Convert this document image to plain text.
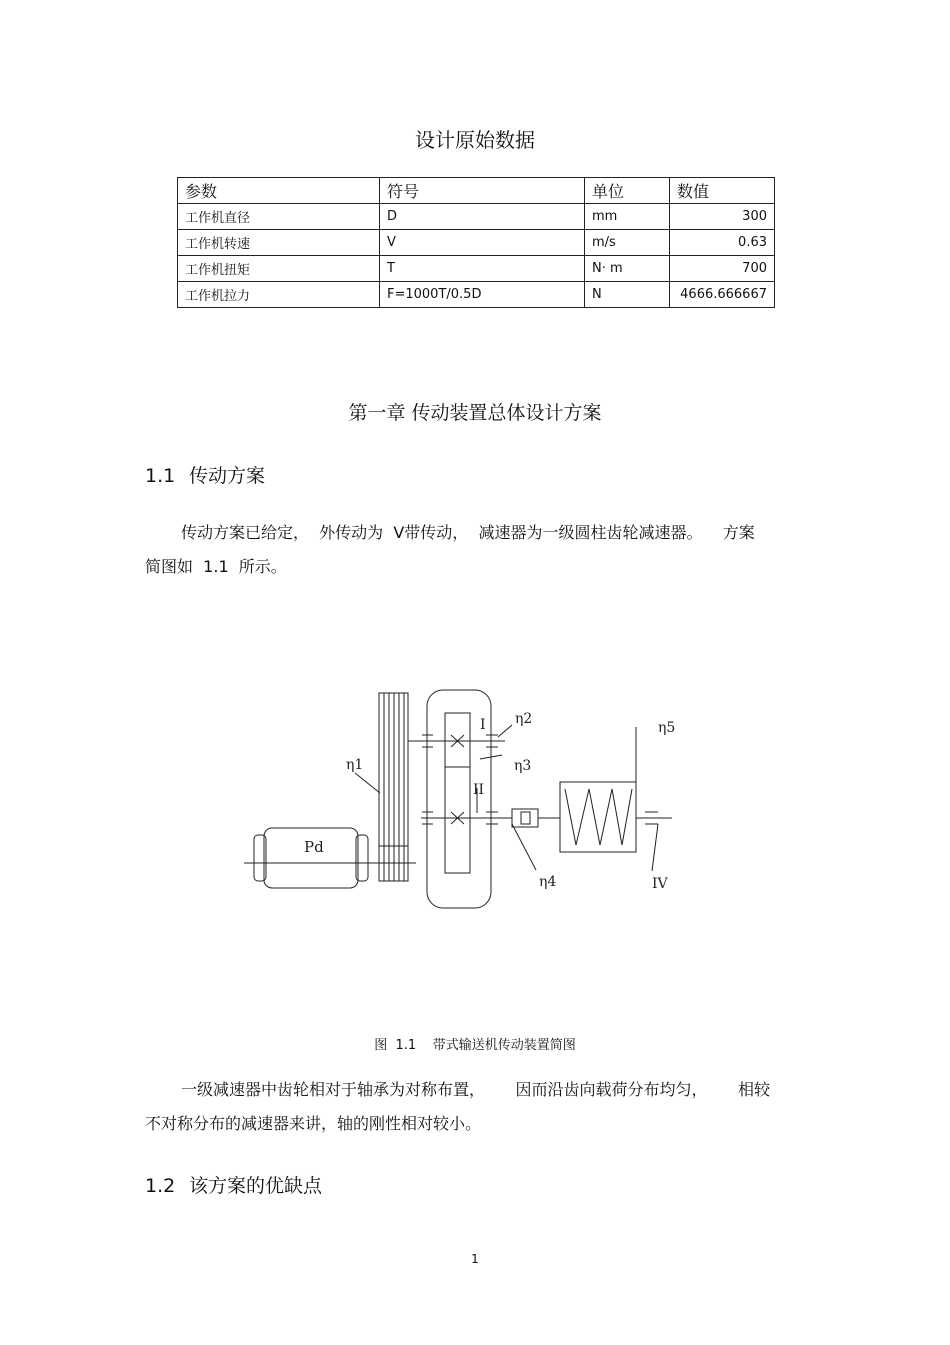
设计原始数据
参数	符号	单位	数值
工作机直径	D	mm	300
工作机转速	V	m/s	0.63
工作机扭矩	T	N· m	700
工作机拉力	F=1000T/0.5D	N	4666.666667
第一章 传动装置总体设计方案
1.1 传动方案
传动方案已给定，  外传动为  V带传动，  减速器为一级圆柱齿轮减速器。    方案
简图如  1.1  所示。
Pd
η1
I η2
η3
II
η4
η5
IV
图  1.1    带式输送机传动装置简图
一级减速器中齿轮相对于轴承为对称布置，      因而沿齿向载荷分布均匀，      相较
不对称分布的减速器来讲，轴的刚性相对较小。
1.2 该方案的优缺点
1
